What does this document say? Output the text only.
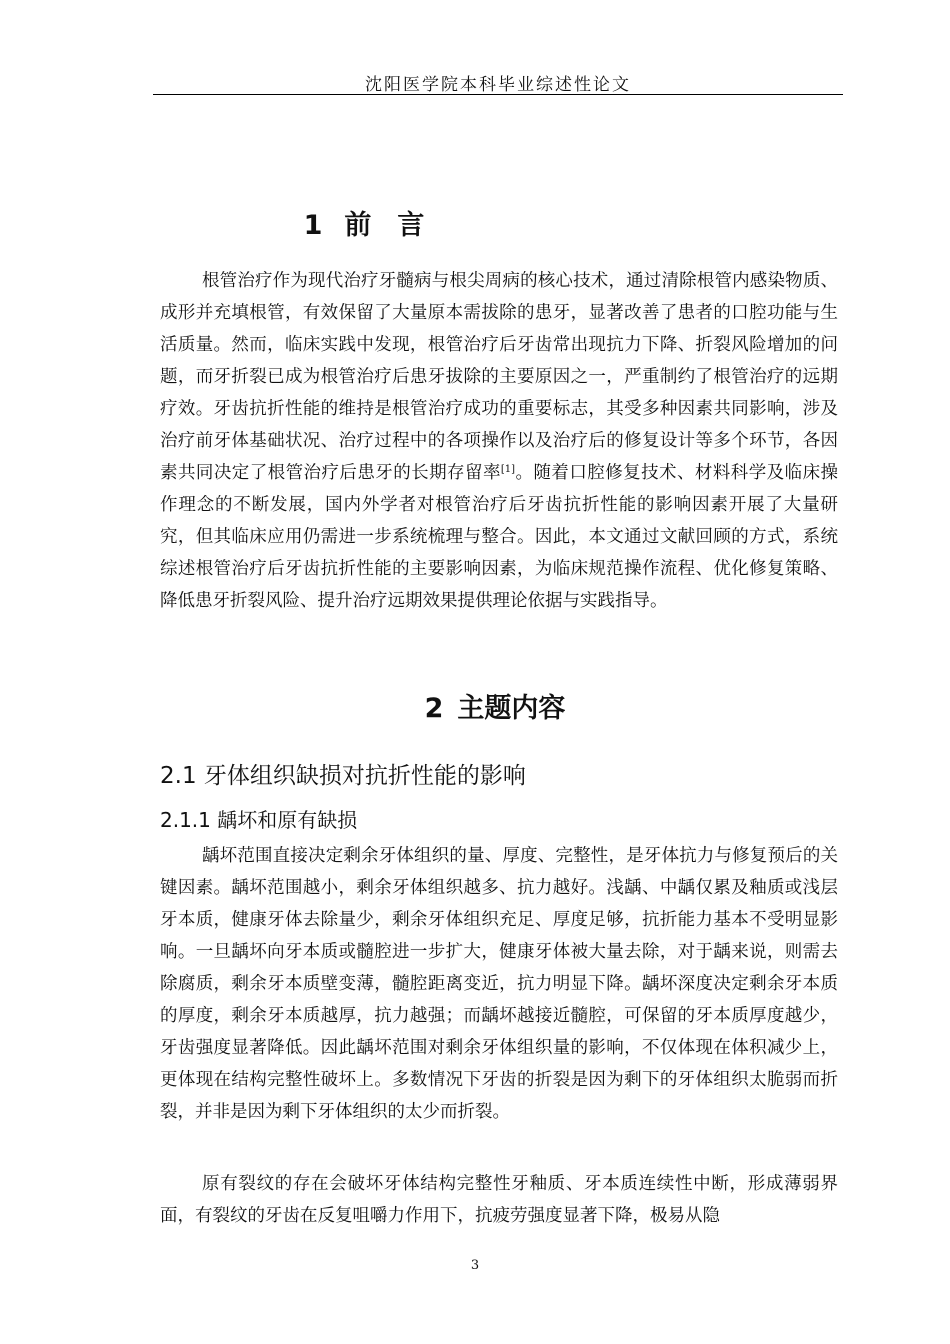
沈阳医学院本科毕业综述性论文
1 前言

根管治疗作为现代治疗牙髓病与根尖周病的核心技术，通过清除根管内感染物质、成形并充填根管，有效保留了大量原本需拔除的患牙，显著改善了患者的口腔功能与生活质量。然而，临床实践中发现，根管治疗后牙齿常出现抗力下降、折裂风险增加的问题，而牙折裂已成为根管治疗后患牙拔除的主要原因之一，严重制约了根管治疗的远期疗效。牙齿抗折性能的维持是根管治疗成功的重要标志，其受多种因素共同影响，涉及治疗前牙体基础状况、治疗过程中的各项操作以及治疗后的修复设计等多个环节，各因素共同决定了根管治疗后患牙的长期存留率[1]。随着口腔修复技术、材料科学及临床操作理念的不断发展，国内外学者对根管治疗后牙齿抗折性能的影响因素开展了大量研究，但其临床应用仍需进一步系统梳理与整合。因此，本文通过文献回顾的方式，系统综述根管治疗后牙齿抗折性能的主要影响因素，为临床规范操作流程、优化修复策略、降低患牙折裂风险、提升治疗远期效果提供理论依据与实践指导。

2 主题内容
2.1 牙体组织缺损对抗折性能的影响
2.1.1 龋坏和原有缺损

龋坏范围直接决定剩余牙体组织的量、厚度、完整性，是牙体抗力与修复预后的关键因素。龋坏范围越小，剩余牙体组织越多、抗力越好。浅龋、中龋仅累及釉质或浅层牙本质，健康牙体去除量少，剩余牙体组织充足、厚度足够，抗折能力基本不受明显影响。一旦龋坏向牙本质或髓腔进一步扩大，健康牙体被大量去除，对于龋来说，则需去除腐质，剩余牙本质壁变薄，髓腔距离变近，抗力明显下降。龋坏深度决定剩余牙本质的厚度，剩余牙本质越厚，抗力越强；而龋坏越接近髓腔，可保留的牙本质厚度越少，牙齿强度显著降低。因此龋坏范围对剩余牙体组织量的影响，不仅体现在体积减少上，更体现在结构完整性破坏上。多数情况下牙齿的折裂是因为剩下的牙体组织太脆弱而折裂，并非是因为剩下牙体组织的太少而折裂。

原有裂纹的存在会破坏牙体结构完整性牙釉质、牙本质连续性中断，形成薄弱界面，有裂纹的牙齿在反复咀嚼力作用下，抗疲劳强度显著下降，极易从隐

3
